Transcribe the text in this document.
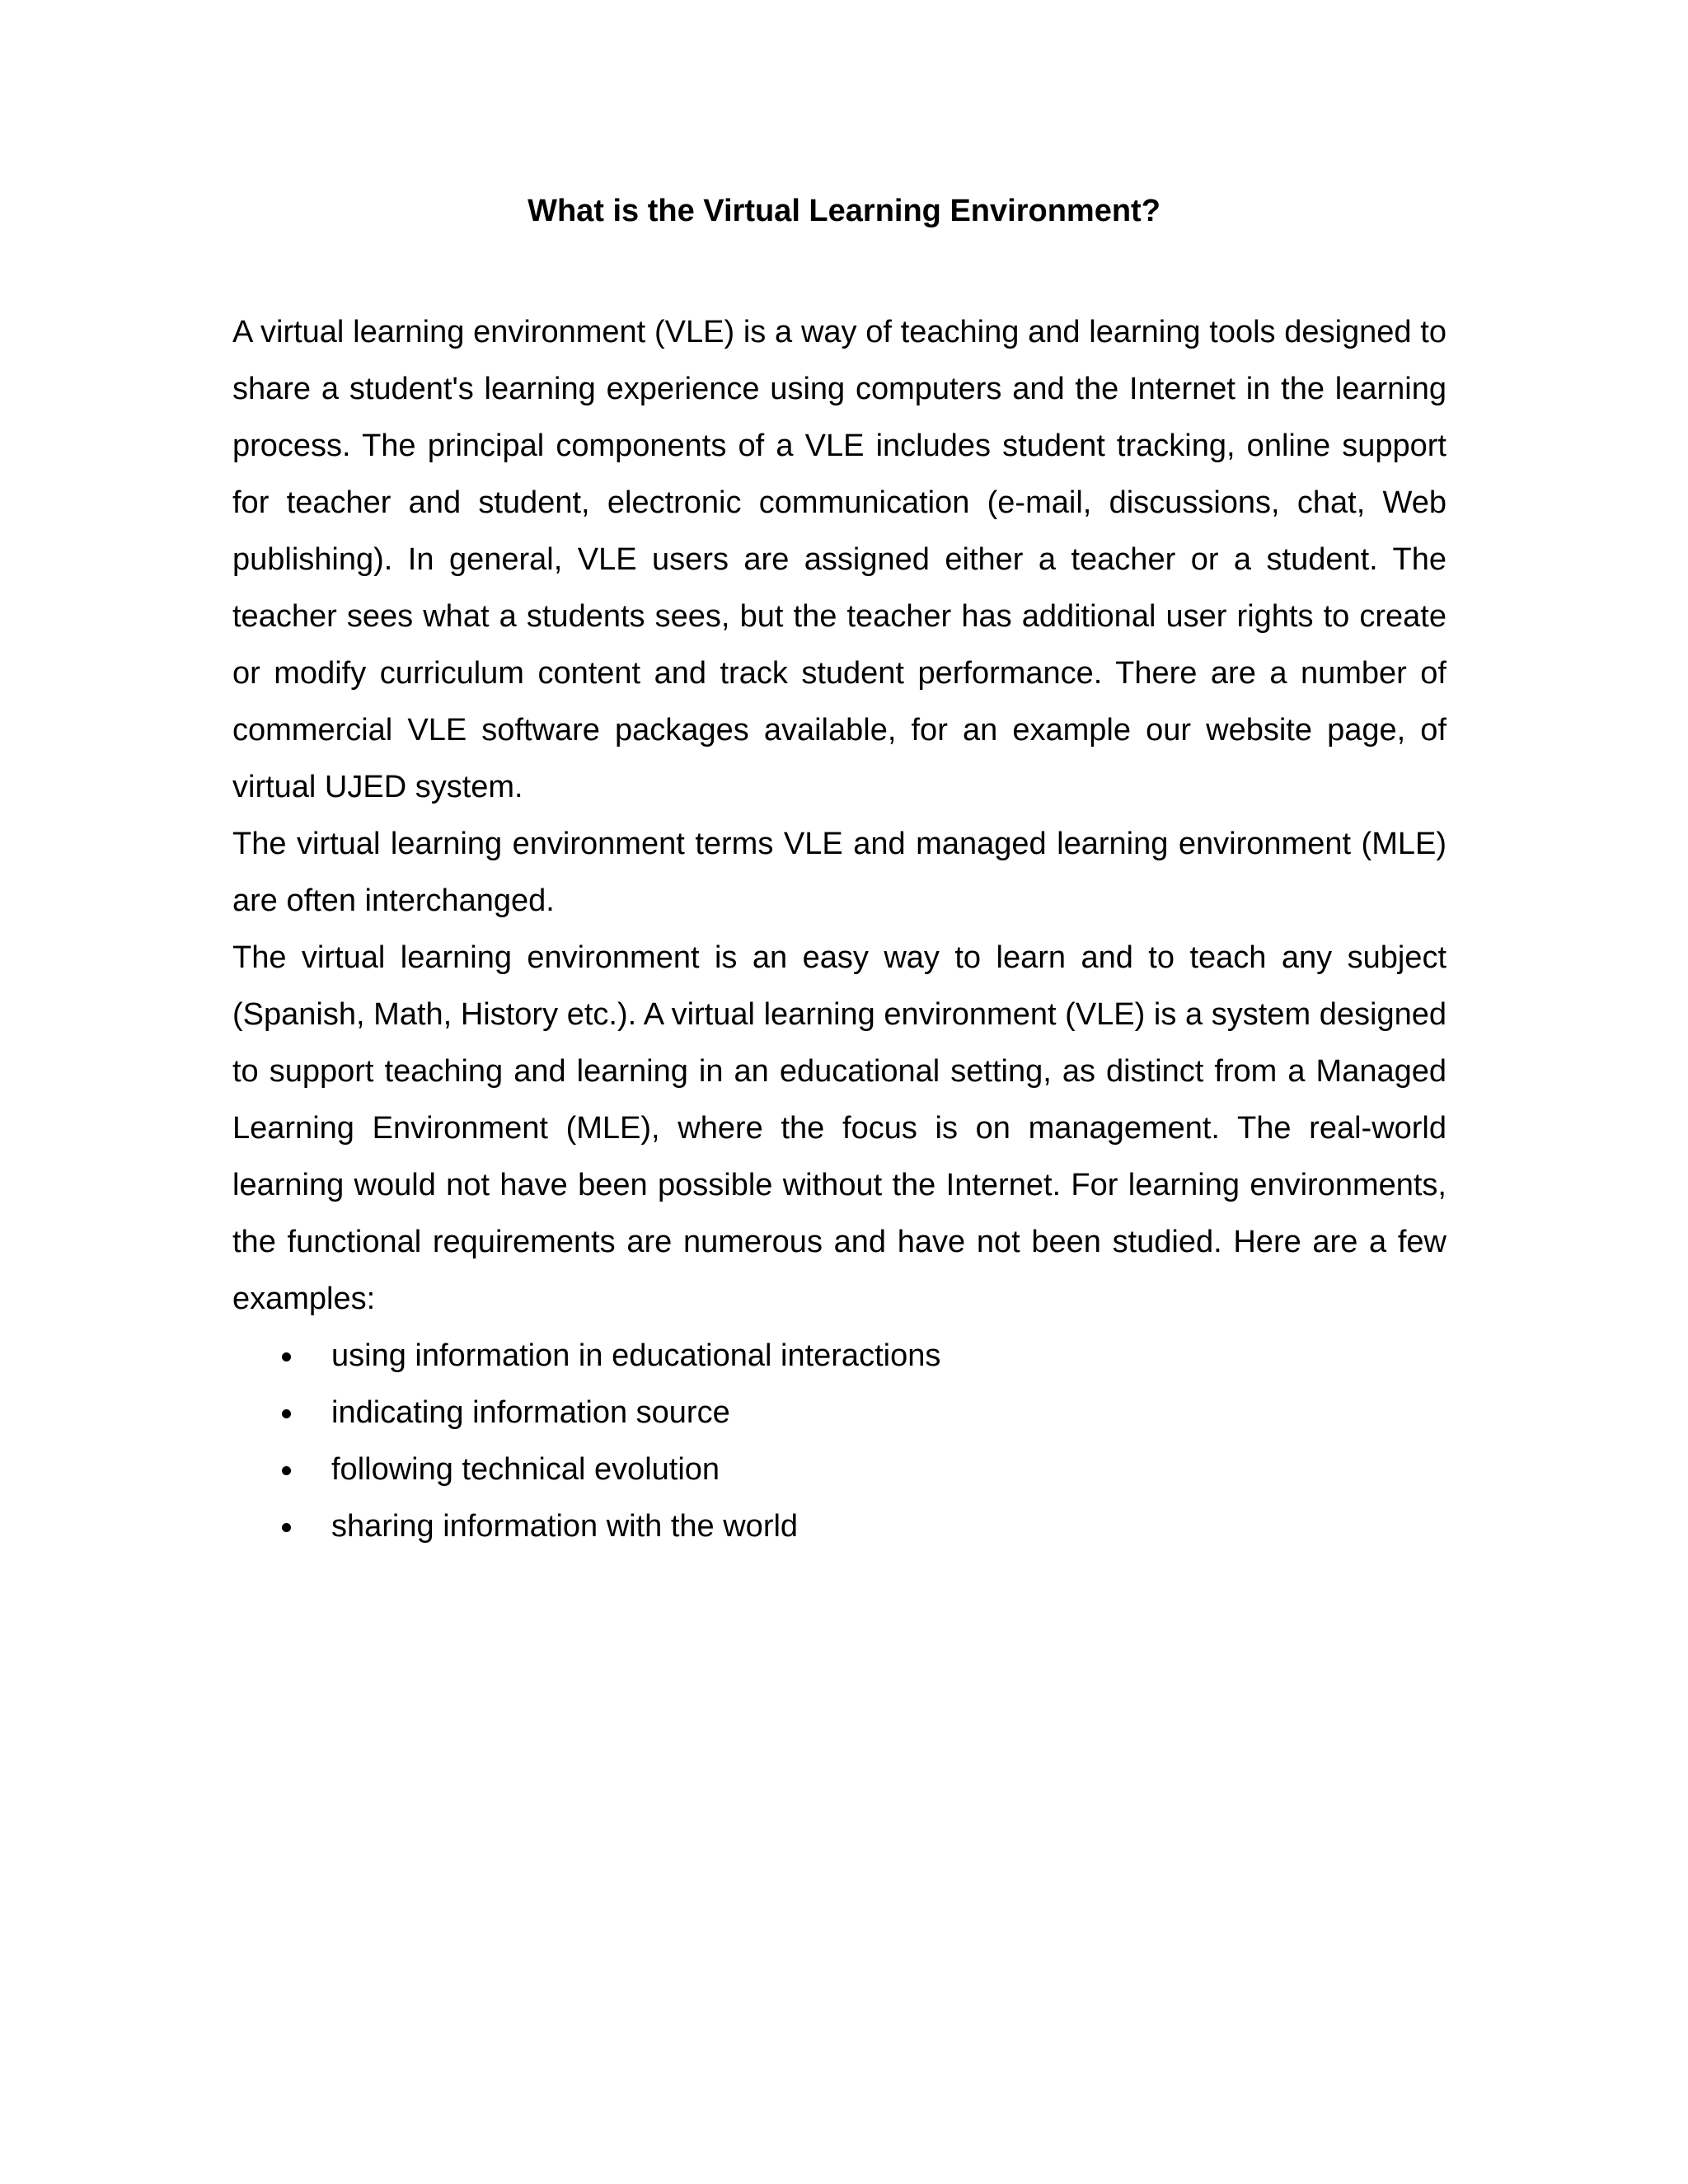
What is the Virtual Learning Environment?

A virtual learning environment (VLE) is a way of teaching and learning tools designed to share a student's learning experience using computers and the Internet in the learning process. The principal components of a VLE includes student tracking, online support for teacher and student, electronic communication (e-mail, discussions, chat, Web publishing). In general, VLE users are assigned either a teacher or a student. The teacher sees what a students sees, but the teacher has additional user rights to create or modify curriculum content and track student performance. There are a number of commercial VLE software packages available, for an example our website page, of virtual UJED system.

The virtual learning environment terms VLE and managed learning environment (MLE) are often interchanged.

The virtual learning environment is an easy way to learn and to teach any subject (Spanish, Math, History etc.). A virtual learning environment (VLE) is a system designed to support teaching and learning in an educational setting, as distinct from a Managed Learning Environment (MLE), where the focus is on management. The real-world learning would not have been possible without the Internet. For learning environments, the functional requirements are numerous and have not been studied. Here are a few examples:

using information in educational interactions
indicating information source
following technical evolution
sharing information with the world
